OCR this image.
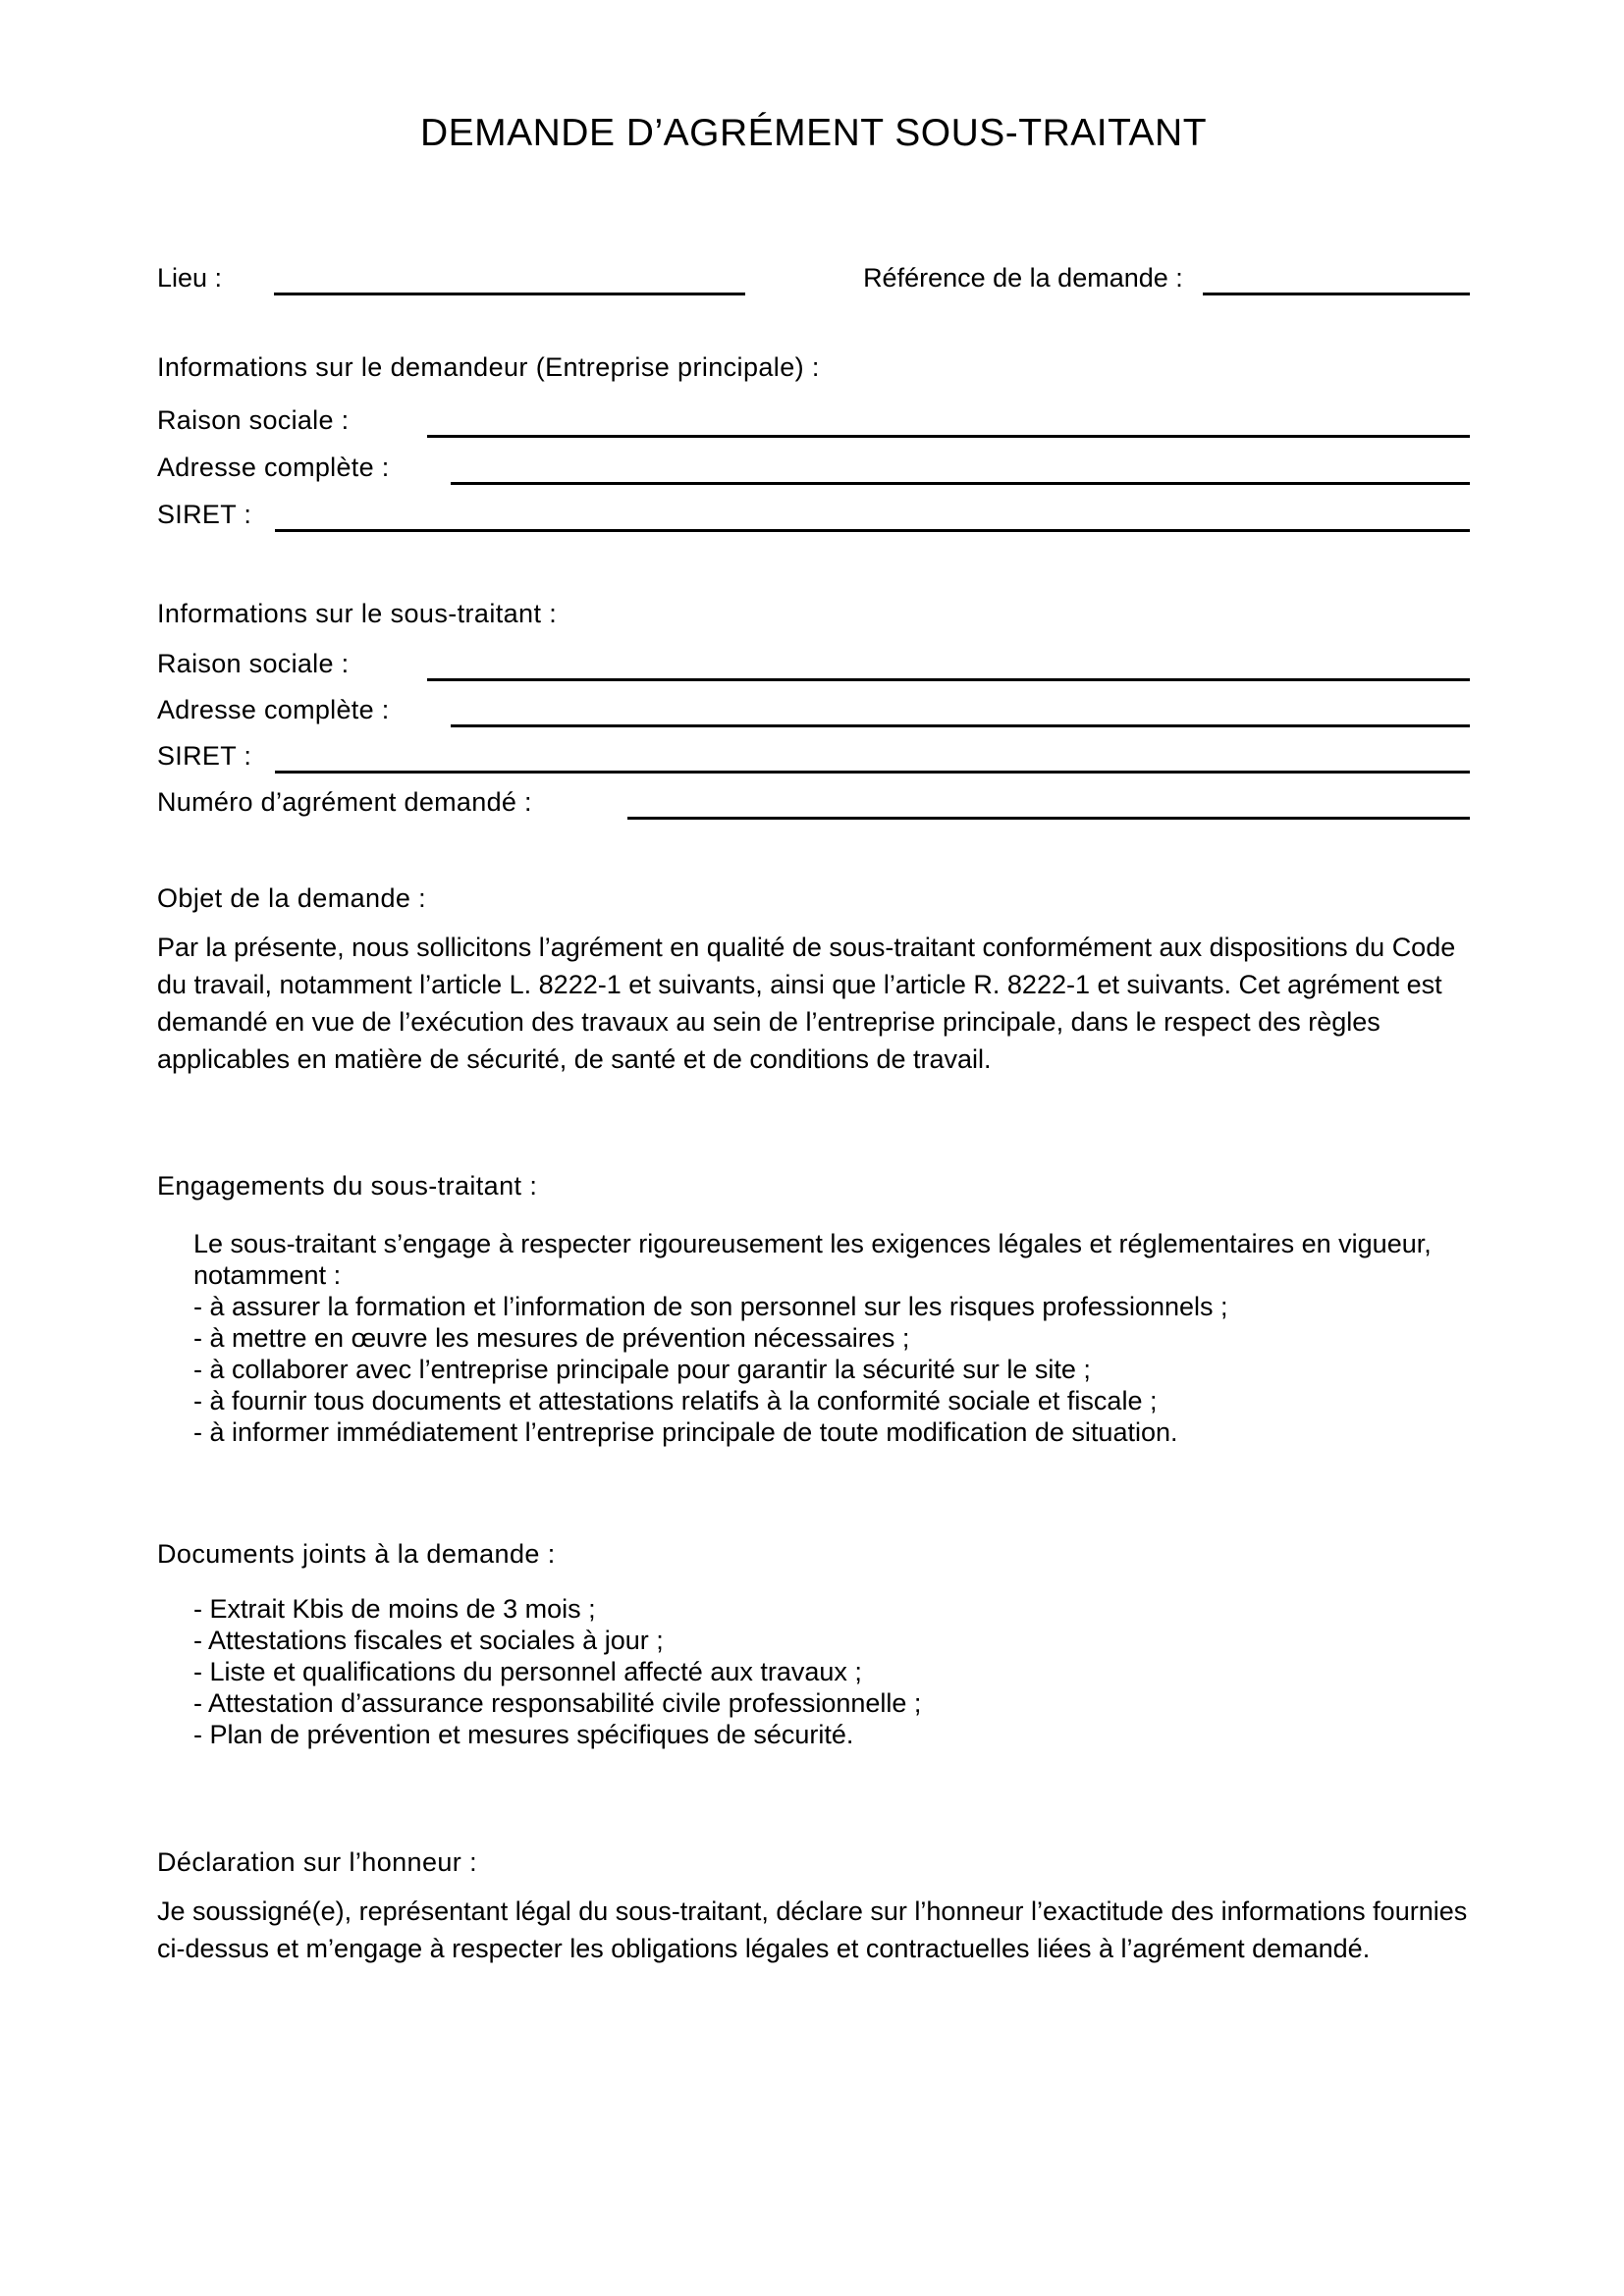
DEMANDE D’AGRÉMENT SOUS-TRAITANT
Lieu :	Référence de la demande :
Informations sur le demandeur (Entreprise principale) :
Raison sociale :
Adresse complète :
SIRET :
Informations sur le sous-traitant :
Raison sociale :
Adresse complète :
SIRET :
Numéro d’agrément demandé :
Objet de la demande :

Par la présente, nous sollicitons l’agrément en qualité de sous-traitant conformément aux dispositions du Code du travail, notamment l’article L. 8222-1 et suivants, ainsi que l’article R. 8222-1 et suivants. Cet agrément est demandé en vue de l’exécution des travaux au sein de l’entreprise principale, dans le respect des règles applicables en matière de sécurité, de santé et de conditions de travail.

Engagements du sous-traitant :
Le sous-traitant s’engage à respecter rigoureusement les exigences légales et réglementaires en vigueur, notamment :
- à assurer la formation et l’information de son personnel sur les risques professionnels ;
- à mettre en œuvre les mesures de prévention nécessaires ;
- à collaborer avec l’entreprise principale pour garantir la sécurité sur le site ;
- à fournir tous documents et attestations relatifs à la conformité sociale et fiscale ;
- à informer immédiatement l’entreprise principale de toute modification de situation.
Documents joints à la demande :
- Extrait Kbis de moins de 3 mois ;
- Attestations fiscales et sociales à jour ;
- Liste et qualifications du personnel affecté aux travaux ;
- Attestation d’assurance responsabilité civile professionnelle ;
- Plan de prévention et mesures spécifiques de sécurité.
Déclaration sur l’honneur :

Je soussigné(e), représentant légal du sous-traitant, déclare sur l’honneur l’exactitude des informations fournies ci-dessus et m’engage à respecter les obligations légales et contractuelles liées à l’agrément demandé.
